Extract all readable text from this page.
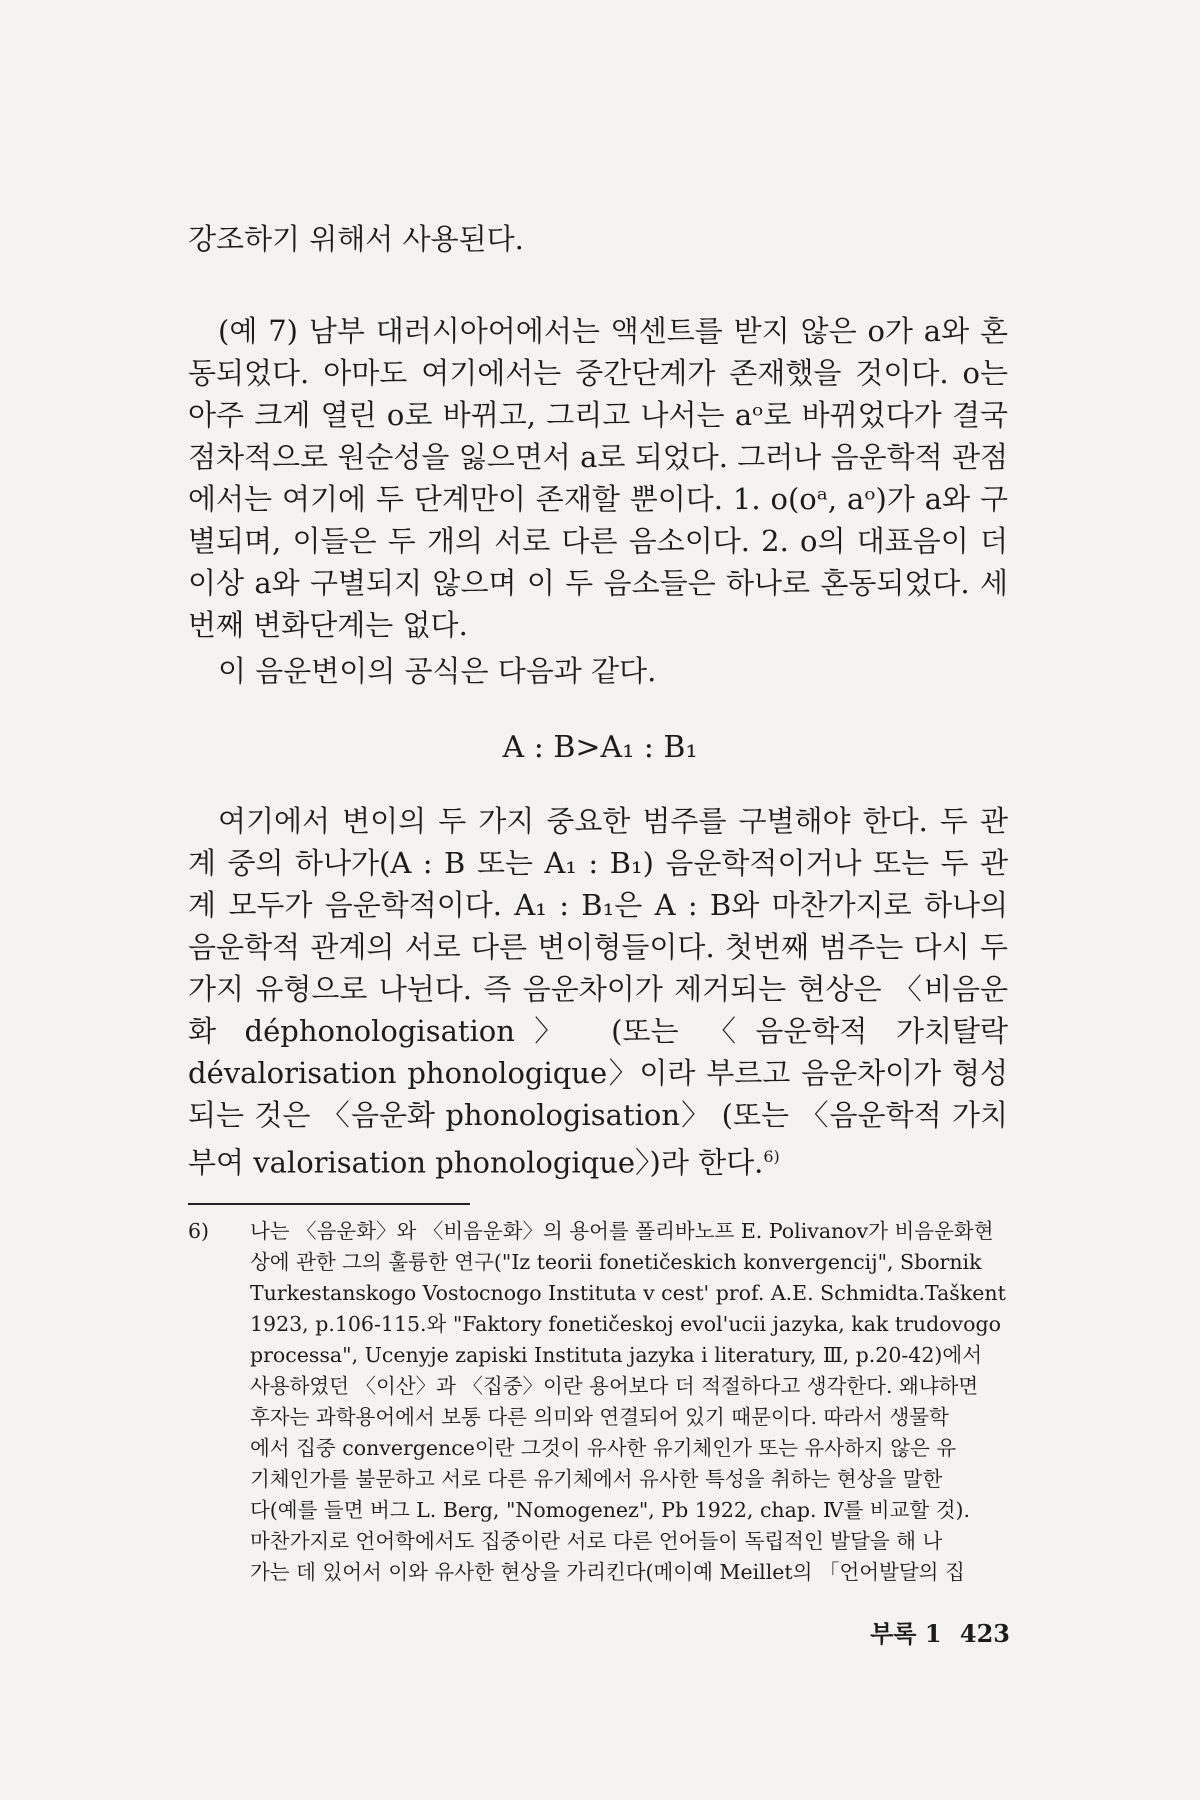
강조하기 위해서 사용된다.

(예 7) 남부 대러시아어에서는 액센트를 받지 않은 o가 a와 혼동되었다. 아마도 여기에서는 중간단계가 존재했을 것이다. o는 아주 크게 열린 o로 바뀌고, 그리고 나서는 aᵒ로 바뀌었다가 결국 점차적으로 원순성을 잃으면서 a로 되었다. 그러나 음운학적 관점에서는 여기에 두 단계만이 존재할 뿐이다. 1. o(oᵃ, aᵒ)가 a와 구별되며, 이들은 두 개의 서로 다른 음소이다. 2. o의 대표음이 더 이상 a와 구별되지 않으며 이 두 음소들은 하나로 혼동되었다. 세번째 변화단계는 없다.

이 음운변이의 공식은 다음과 같다.

A : B>A₁ : B₁

여기에서 변이의 두 가지 중요한 범주를 구별해야 한다. 두 관계 중의 하나가(A : B 또는 A₁ : B₁) 음운학적이거나 또는 두 관계 모두가 음운학적이다. A₁ : B₁은 A : B와 마찬가지로 하나의 음운학적 관계의 서로 다른 변이형들이다. 첫번째 범주는 다시 두 가지 유형으로 나뉜다. 즉 음운차이가 제거되는 현상은 〈비음운화 déphonologisation〉 (또는 〈음운학적 가치탈락 dévalorisation phonologique〉이라 부르고 음운차이가 형성되는 것은 〈음운화 phonologisation〉 (또는 〈음운학적 가치부여 valorisation phonologique〉)라 한다.$^{6)}$

6) 나는 〈음운화〉와 〈비음운화〉의 용어를 폴리바노프 E. Polivanov가 비음운화현
상에 관한 그의 훌륭한 연구("Iz teorii fonetičeskich konvergencij", Sbornik
Turkestanskogo Vostocnogo Instituta v cest' prof. A.E. Schmidta.Taškent
1923, p.106-115.와 "Faktory fonetičeskoj evol'ucii jazyka, kak trudovogo
processa", Ucenyje zapiski Instituta jazyka i literatury, Ⅲ, p.20-42)에서
사용하였던 〈이산〉과 〈집중〉이란 용어보다 더 적절하다고 생각한다. 왜냐하면
후자는 과학용어에서 보통 다른 의미와 연결되어 있기 때문이다. 따라서 생물학
에서 집중 convergence이란 그것이 유사한 유기체인가 또는 유사하지 않은 유
기체인가를 불문하고 서로 다른 유기체에서 유사한 특성을 취하는 현상을 말한
다(예를 들면 버그 L. Berg, "Nomogenez", Pb 1922, chap. Ⅳ를 비교할 것).
마찬가지로 언어학에서도 집중이란 서로 다른 언어들이 독립적인 발달을 해 나
가는 데 있어서 이와 유사한 현상을 가리킨다(메이예 Meillet의 「언어발달의 집
부록 1 423
